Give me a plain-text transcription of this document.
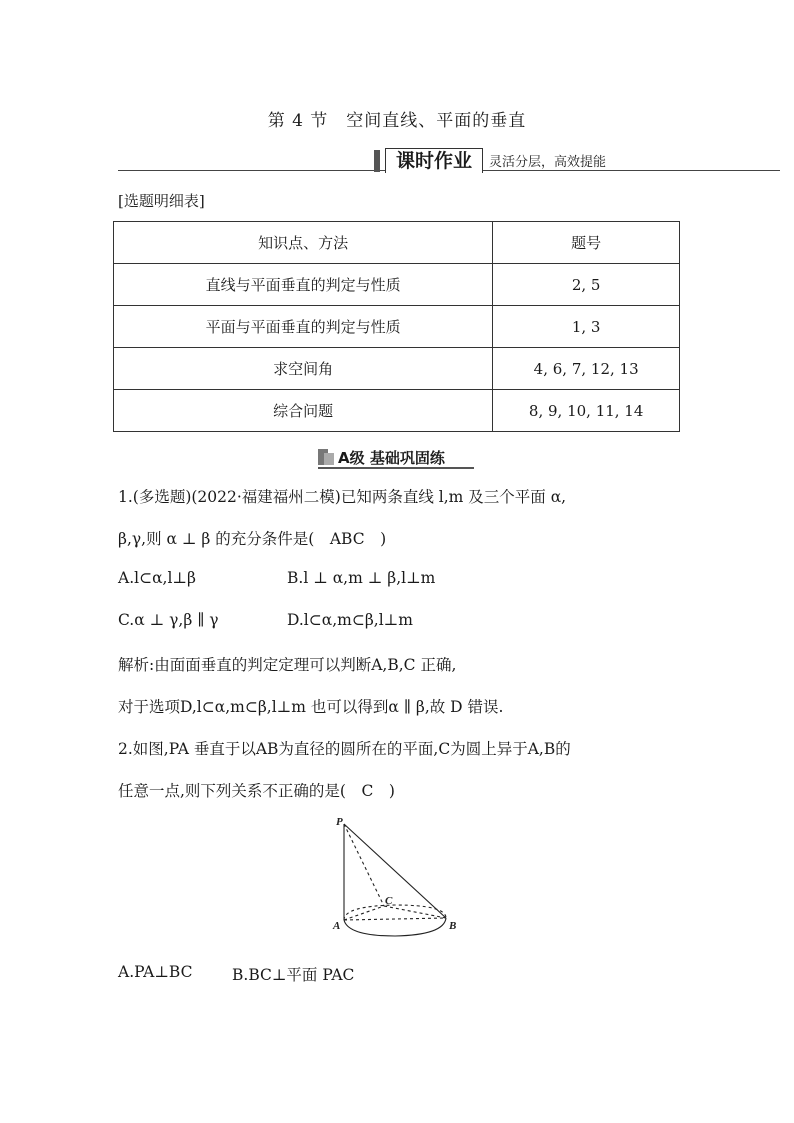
第 4 节　空间直线、平面的垂直
课时作业	灵活分层，高效提能
[选题明细表]
知识点、方法	题号
直线与平面垂直的判定与性质	2, 5
平面与平面垂直的判定与性质	1, 3
求空间角	4, 6, 7, 12, 13
综合问题	8, 9, 10, 11, 14
A级 基础巩固练
1.(多选题)(2022·福建福州二模)已知两条直线 l,m 及三个平面 α,
β,γ,则 α ⊥ β 的充分条件是(　ABC　)
A.l⊂α,l⊥β	B.l ⊥ α,m ⊥ β,l⊥m
C.α ⊥ γ,β ∥ γ	D.l⊂α,m⊂β,l⊥m
解析:由面面垂直的判定定理可以判断A,B,C 正确,
对于选项D,l⊂α,m⊂β,l⊥m 也可以得到α ∥ β,故 D 错误.
2.如图,PA 垂直于以AB为直径的圆所在的平面,C为圆上异于A,B的
任意一点,则下列关系不正确的是(　C　)
P
A	B
C
A.PA⊥BC	B.BC⊥平面 PAC
